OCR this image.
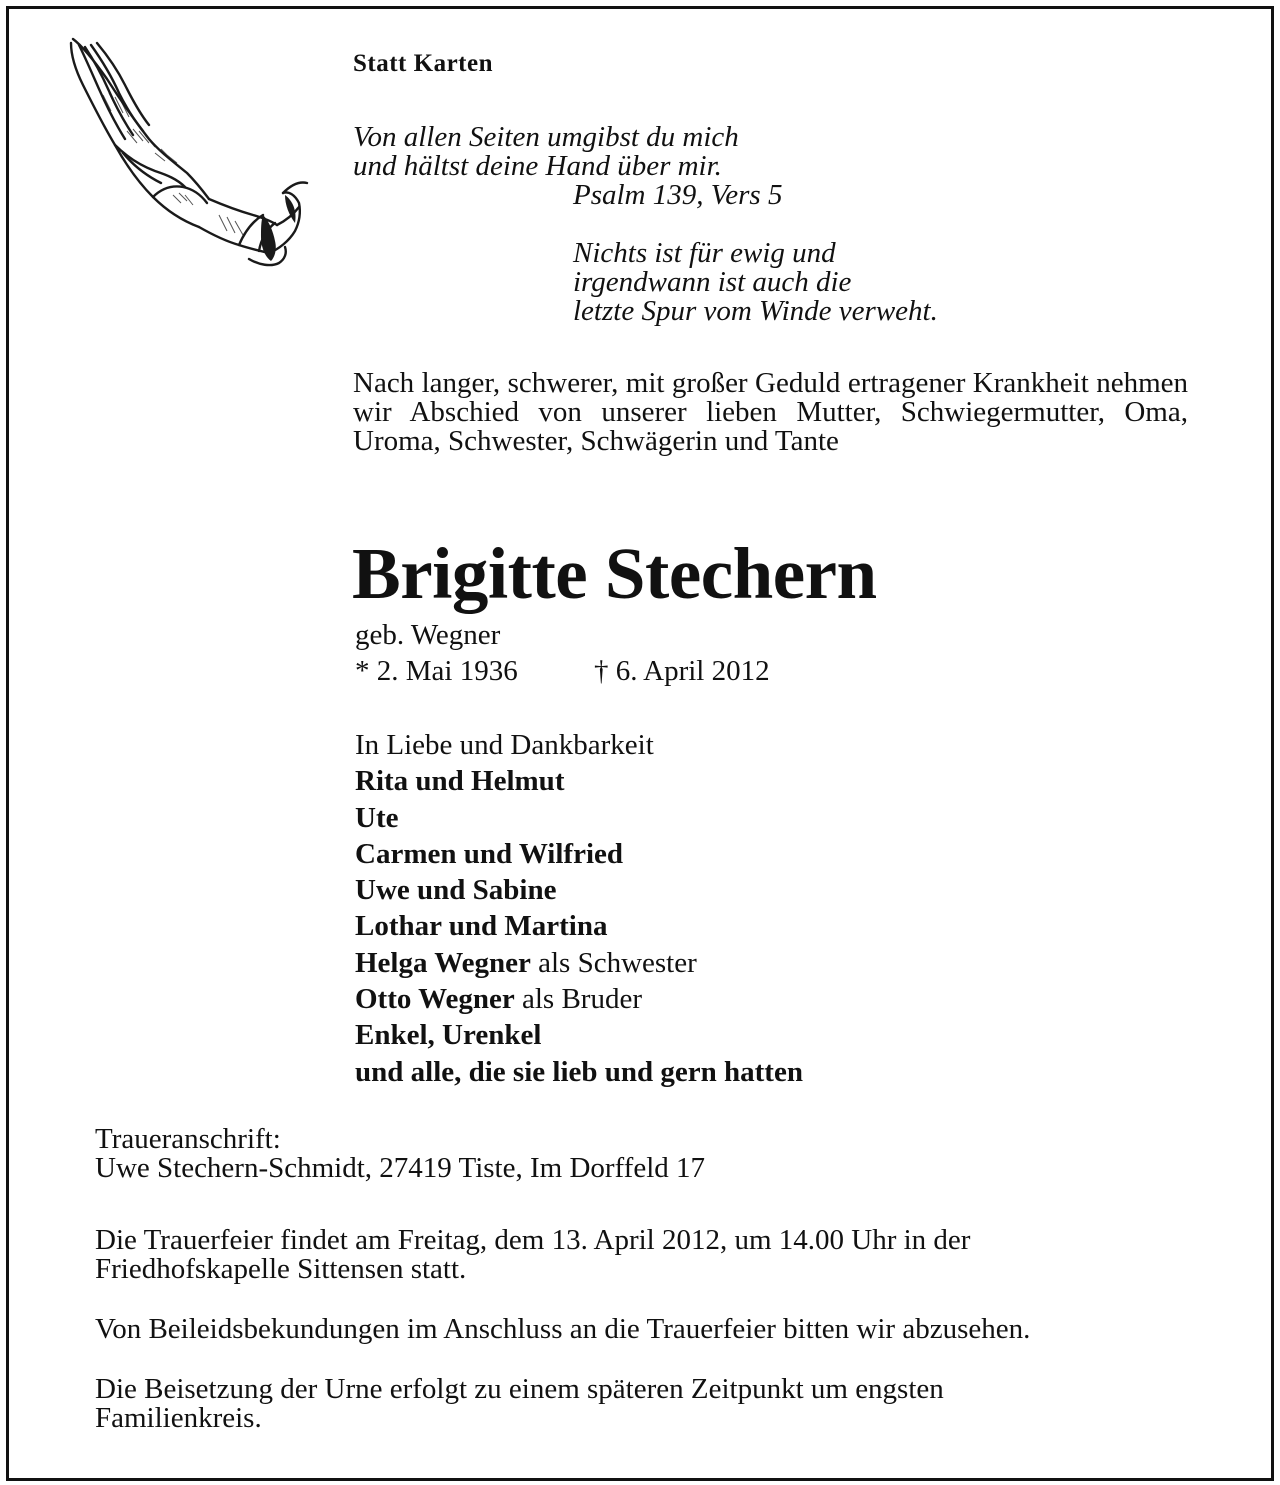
Statt Karten
Von allen Seiten umgibst du mich
und hältst deine Hand über mir.
Psalm 139, Vers 5
Nichts ist für ewig und
irgendwann ist auch die
letzte Spur vom Winde verweht.
Nach langer, schwerer, mit großer Geduld ertragener Krankheit nehmen wir Abschied von unserer lieben Mutter, Schwiegermutter, Oma, Uroma, Schwester, Schwägerin und Tante
Brigitte Stechern
geb. Wegner
* 2. Mai 1936	† 6. April 2012
In Liebe und Dankbarkeit
Rita und Helmut
Ute
Carmen und Wilfried
Uwe und Sabine
Lothar und Martina
Helga Wegner als Schwester
Otto Wegner als Bruder
Enkel, Urenkel
und alle, die sie lieb und gern hatten
Traueranschrift:
Uwe Stechern-Schmidt, 27419 Tiste, Im Dorffeld 17
Die Trauerfeier findet am Freitag, dem 13. April 2012, um 14.00 Uhr in der
Friedhofskapelle Sittensen statt.
Von Beileidsbekundungen im Anschluss an die Trauerfeier bitten wir abzusehen.
Die Beisetzung der Urne erfolgt zu einem späteren Zeitpunkt um engsten
Familienkreis.
